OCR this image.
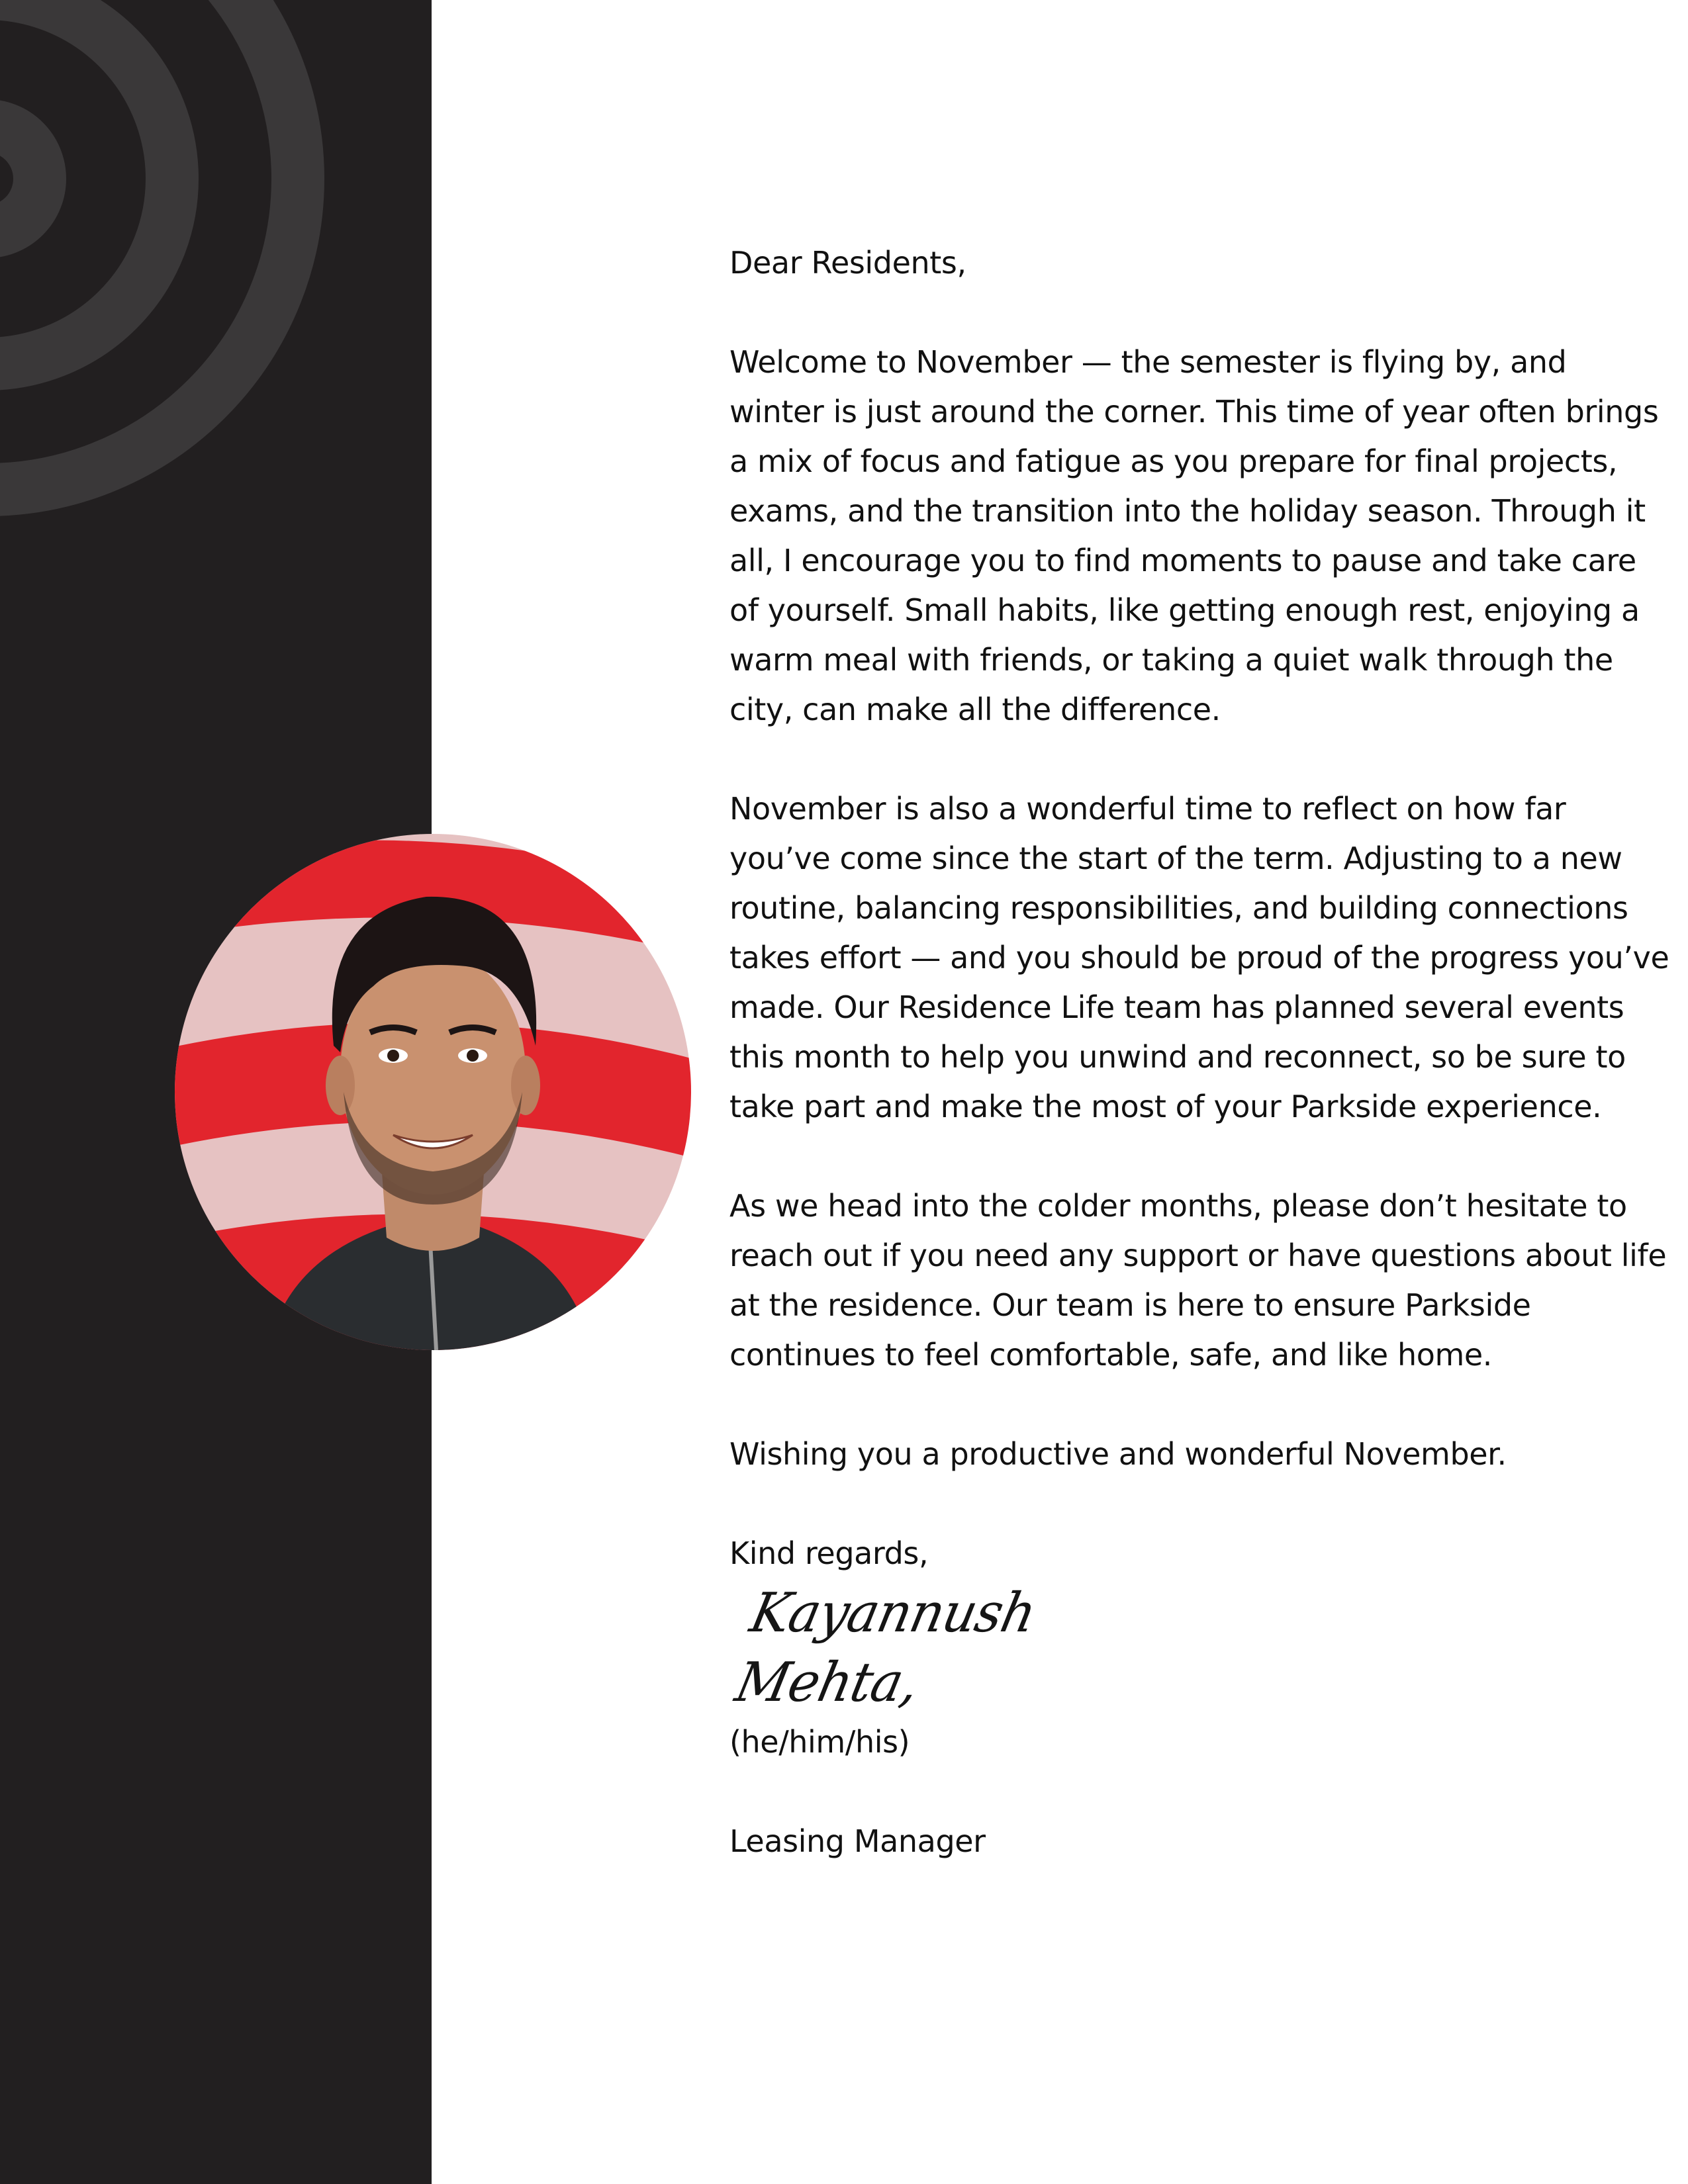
Dear Residents,

Welcome to November — the semester is flying by, and winter is just around the corner. This time of year often brings a mix of focus and fatigue as you prepare for final projects, exams, and the transition into the holiday season. Through it all, I encourage you to find moments to pause and take care of yourself. Small habits, like getting enough rest, enjoying a warm meal with friends, or taking a quiet walk through the city, can make all the difference.

November is also a wonderful time to reflect on how far you’ve come since the start of the term. Adjusting to a new routine, balancing responsibilities, and building connections takes effort — and you should be proud of the progress you’ve made. Our Residence Life team has planned several events this month to help you unwind and reconnect, so be sure to take part and make the most of your Parkside experience.

As we head into the colder months, please don’t hesitate to reach out if you need any support or have questions about life at the residence. Our team is here to ensure Parkside continues to feel comfortable, safe, and like home.

Wishing you a productive and wonderful November.

Kind regards,

Kayannush Mehta,

(he/him/his)

Leasing Manager
